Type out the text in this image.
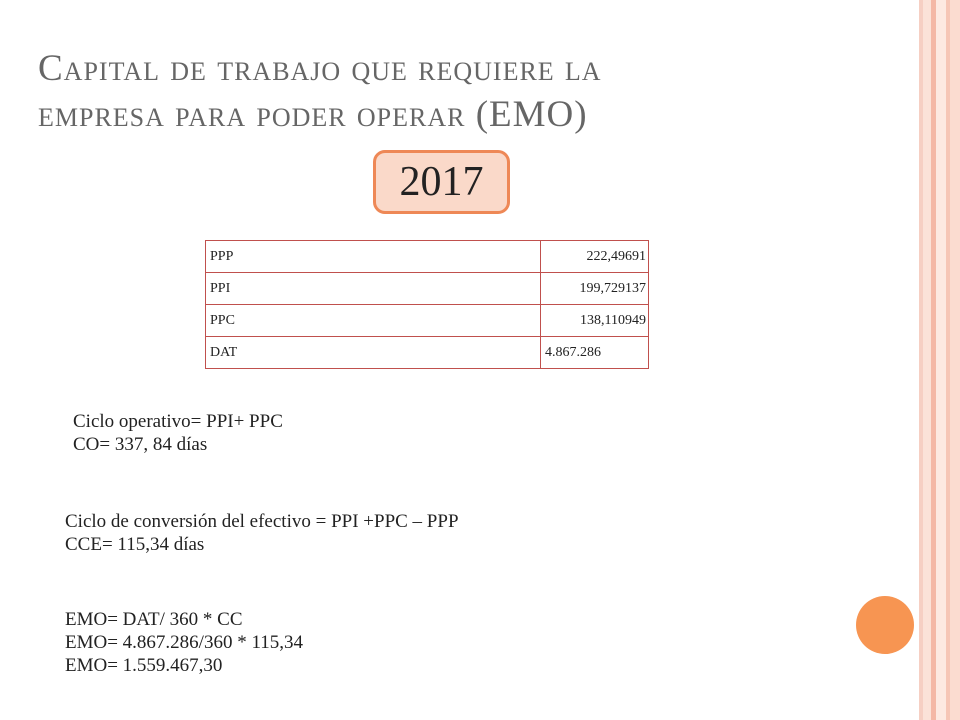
Capital de trabajo que requiere la
empresa para poder operar (EMO)
2017
PPP	222,49691
PPI	199,729137
PPC	138,110949
DAT	4.867.286
Ciclo operativo= PPI+ PPC
CO= 337, 84 días
Ciclo de conversión del efectivo = PPI +PPC – PPP
CCE= 115,34 días
EMO= DAT/ 360 * CC
EMO= 4.867.286/360 * 115,34
EMO= 1.559.467,30
